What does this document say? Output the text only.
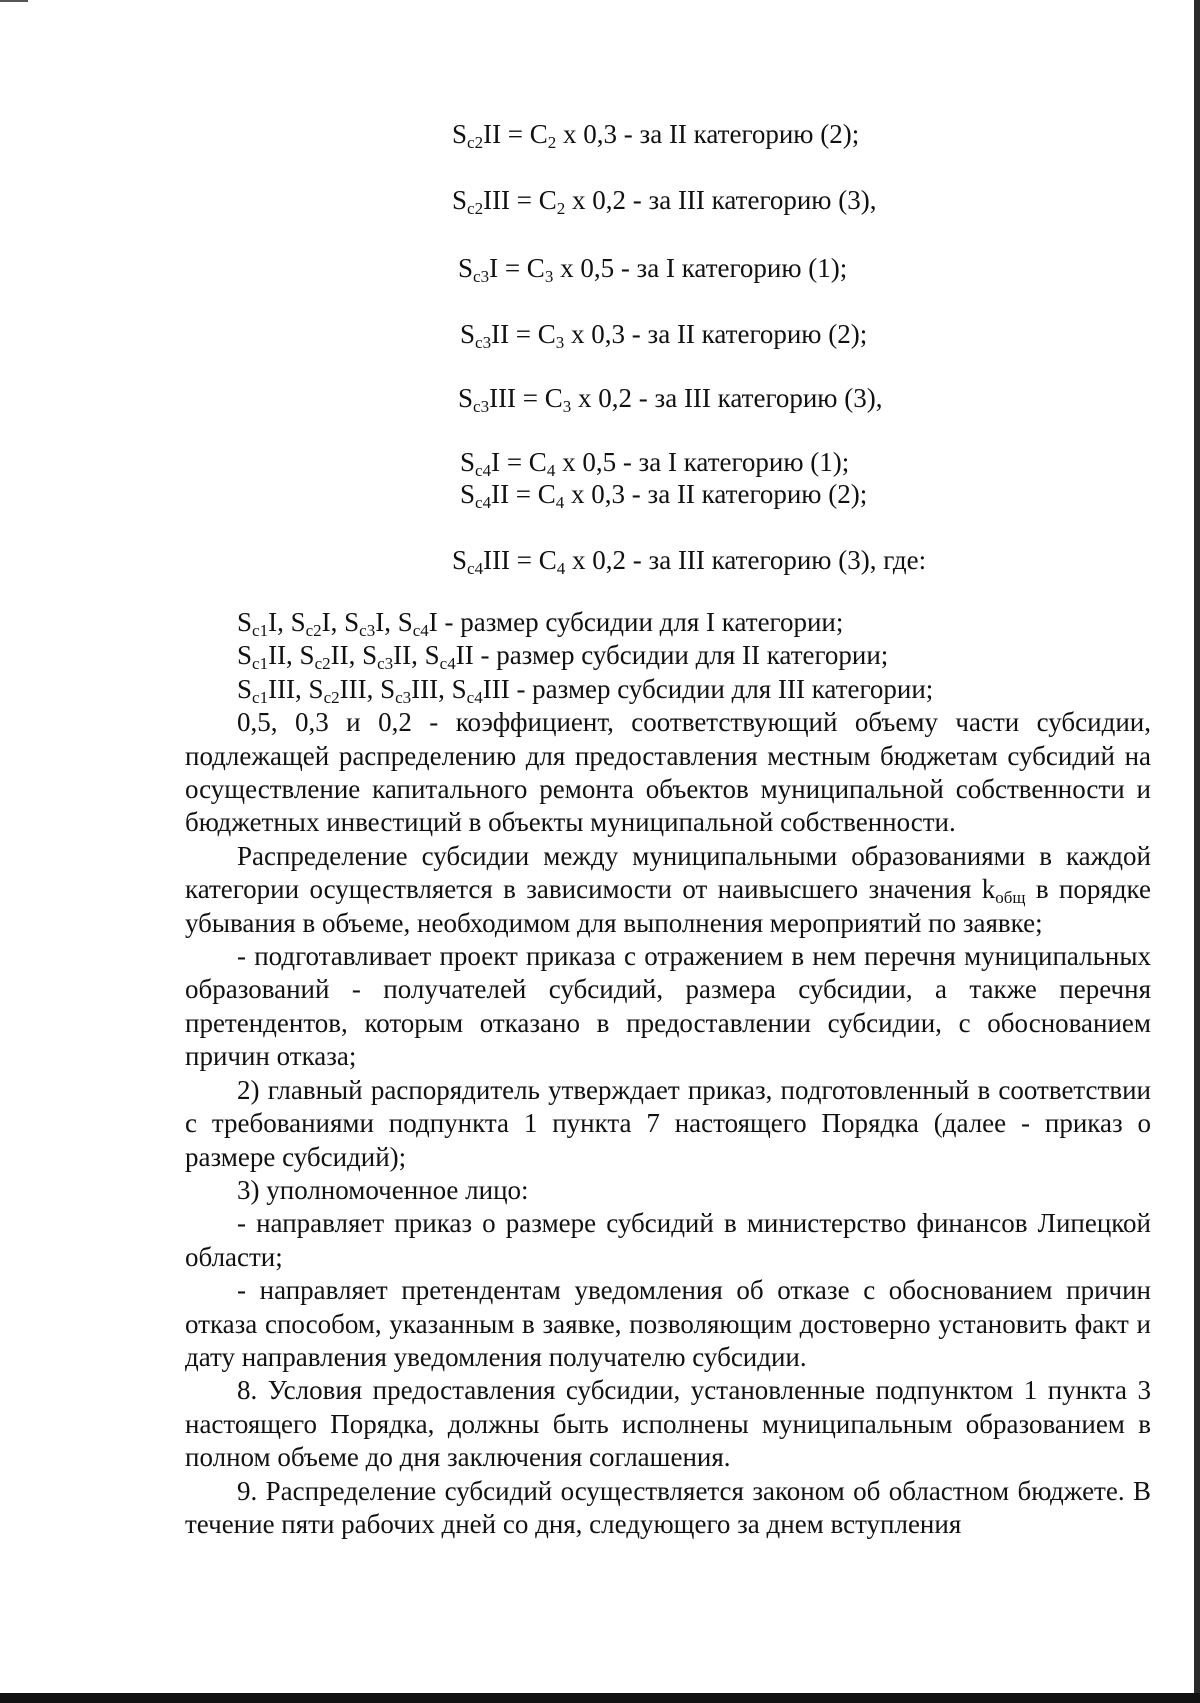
$S_{c2}II = C_2$ x 0,3 - за II категорию (2);
$S_{c2}III = C_2$ x 0,2 - за III категорию (3),
$S_{c3}I = C_3$ x 0,5 - за I категорию (1);
$S_{c3}II = C_3$ x 0,3 - за II категорию (2);
$S_{c3}III = C_3$ x 0,2 - за III категорию (3),
$S_{c4}I = C_4$ x 0,5 - за I категорию (1);
$S_{c4}II = C_4$ x 0,3 - за II категорию (2);
$S_{c4}III = C_4$ x 0,2 - за III категорию (3), где:

$S_{c1}I$, $S_{c2}I$, $S_{c3}I$, $S_{c4}I$ - размер субсидии для I категории;

$S_{c1}II$, $S_{c2}II$, $S_{c3}II$, $S_{c4}II$ - размер субсидии для II категории;

$S_{c1}III$, $S_{c2}III$, $S_{c3}III$, $S_{c4}III$ - размер субсидии для III категории;

0,5, 0,3 и 0,2 - коэффициент, соответствующий объему части субсидии, подлежащей распределению для предоставления местным бюджетам субсидий на осуществление капитального ремонта объектов муниципальной собственности и бюджетных инвестиций в объекты муниципальной собственности.

Распределение субсидии между муниципальными образованиями в каждой категории осуществляется в зависимости от наивысшего значения $k_{общ}$ в порядке убывания в объеме, необходимом для выполнения мероприятий по заявке;

- подготавливает проект приказа с отражением в нем перечня муниципальных образований - получателей субсидий, размера субсидии, а также перечня претендентов, которым отказано в предоставлении субсидии, с обоснованием причин отказа;

2) главный распорядитель утверждает приказ, подготовленный в соответствии с требованиями подпункта 1 пункта 7 настоящего Порядка (далее - приказ о размере субсидий);

3) уполномоченное лицо:

- направляет приказ о размере субсидий в министерство финансов Липецкой области;

- направляет претендентам уведомления об отказе с обоснованием причин отказа способом, указанным в заявке, позволяющим достоверно установить факт и дату направления уведомления получателю субсидии.

8. Условия предоставления субсидии, установленные подпунктом 1 пункта 3 настоящего Порядка, должны быть исполнены муниципальным образованием в полном объеме до дня заключения соглашения.

9. Распределение субсидий осуществляется законом об областном бюджете. В течение пяти рабочих дней со дня, следующего за днем вступления
